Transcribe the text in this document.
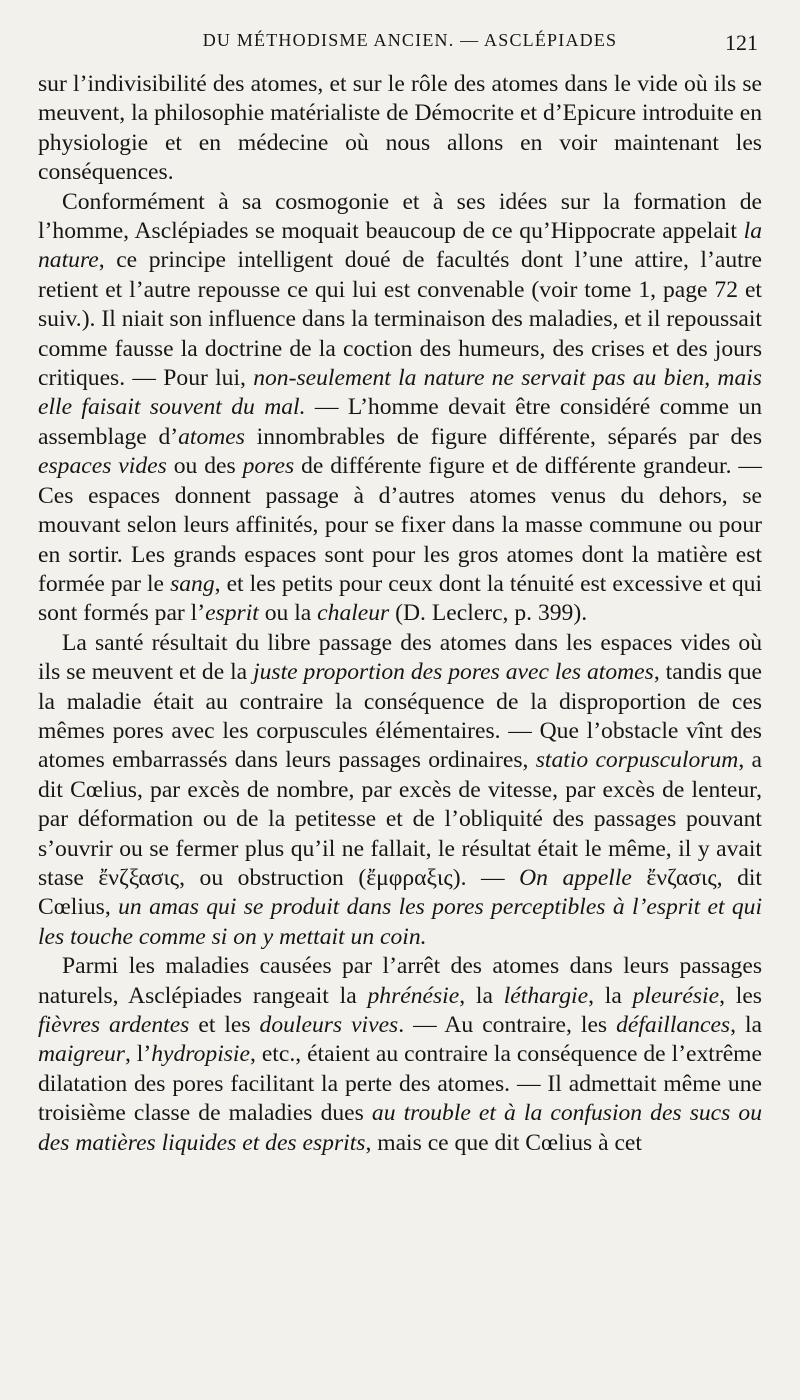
DU MÉTHODISME ANCIEN. — ASCLÉPIADES	121

sur l’indivisibilité des atomes, et sur le rôle des atomes dans le vide où ils se meuvent, la philosophie matérialiste de Démocrite et d’Epicure introduite en physiologie et en médecine où nous allons en voir maintenant les conséquences.

Conformément à sa cosmogonie et à ses idées sur la formation de l’homme, Asclépiades se moquait beaucoup de ce qu’Hippocrate appelait la nature, ce principe intelligent doué de facultés dont l’une attire, l’autre retient et l’autre repousse ce qui lui est convenable (voir tome 1, page 72 et suiv.). Il niait son influence dans la terminaison des maladies, et il repoussait comme fausse la doctrine de la coction des humeurs, des crises et des jours critiques. — Pour lui, non-seulement la nature ne servait pas au bien, mais elle faisait souvent du mal. — L’homme devait être considéré comme un assemblage d’atomes innombrables de figure différente, séparés par des espaces vides ou des pores de différente figure et de différente grandeur. — Ces espaces donnent passage à d’autres atomes venus du dehors, se mouvant selon leurs affinités, pour se fixer dans la masse commune ou pour en sortir. Les grands espaces sont pour les gros atomes dont la matière est formée par le sang, et les petits pour ceux dont la ténuité est excessive et qui sont formés par l’esprit ou la chaleur (D. Leclerc, p. 399).

La santé résultait du libre passage des atomes dans les espaces vides où ils se meuvent et de la juste proportion des pores avec les atomes, tandis que la maladie était au contraire la conséquence de la disproportion de ces mêmes pores avec les corpuscules élémentaires. — Que l’obstacle vînt des atomes embarrassés dans leurs passages ordinaires, statio corpusculorum, a dit Cœlius, par excès de nombre, par excès de vitesse, par excès de lenteur, par déformation ou de la petitesse et de l’obliquité des passages pouvant s’ouvrir ou se fermer plus qu’il ne fallait, le résultat était le même, il y avait stase ἔνζξασις, ou obstruction (ἔμφραξις). — On appelle ἔνζασις, dit Cœlius, un amas qui se produit dans les pores perceptibles à l’esprit et qui les touche comme si on y mettait un coin.

Parmi les maladies causées par l’arrêt des atomes dans leurs passages naturels, Asclépiades rangeait la phrénésie, la léthargie, la pleurésie, les fièvres ardentes et les douleurs vives. — Au contraire, les défaillances, la maigreur, l’hydropisie, etc., étaient au contraire la conséquence de l’extrême dilatation des pores facilitant la perte des atomes. — Il admettait même une troisième classe de maladies dues au trouble et à la confusion des sucs ou des matières liquides et des esprits, mais ce que dit Cœlius à cet
